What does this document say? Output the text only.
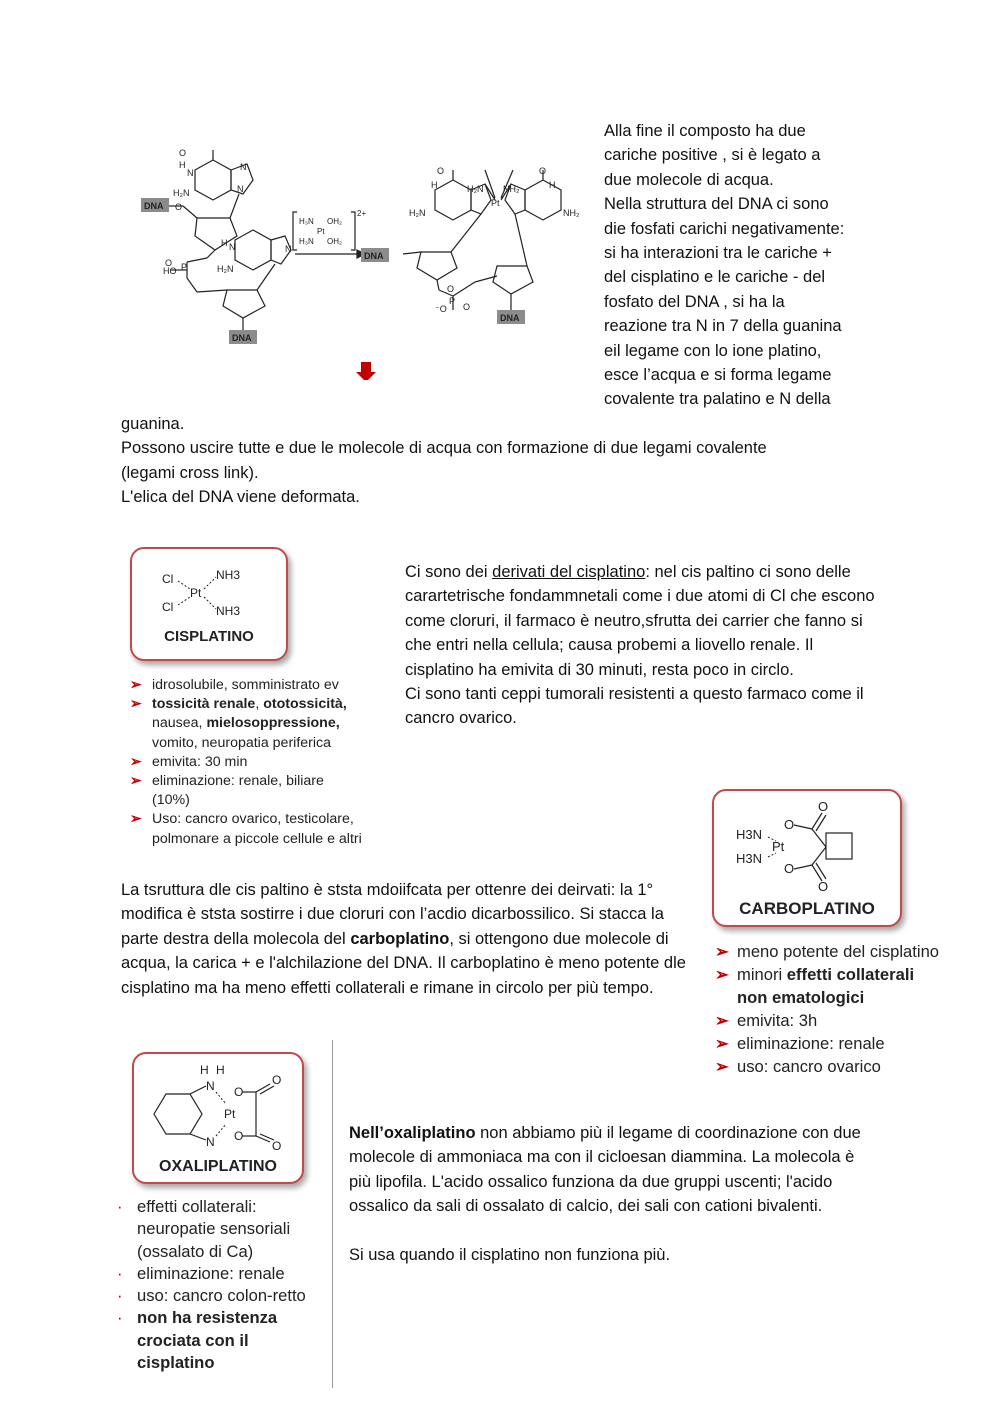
O
H
N
H₂N
N
N
O
O P
HO
H N
H₂N
N
H₃N OH₂
Pt
H₃N OH₂
2+
DNA
DNA
H₂N NH₂
Pt
H
O	O
H
H₂N	NH₂
O
P
⁻O O
DNA
DNA

Alla fine il composto ha due

cariche positive , si è legato a

due molecole di acqua.

Nella struttura del DNA ci sono

die fosfati carichi negativamente:

si ha interazioni tra le cariche +

del cisplatino e le cariche - del

fosfato del DNA , si ha la

reazione tra N in 7 della guanina

eil legame con lo ione platino,

esce l’acqua e si forma legame

covalente tra palatino e N della

guanina.

Possono uscire tutte e due le molecole di acqua con formazione di due legami covalente

(legami cross link).

L'elica del DNA viene deformata.

Cl
Cl
Pt
NH3
NH3
CISPLATINO
➢ idrosolubile, somministrato ev
➢ tossicità renale, ototossicità,
nausea, mielosoppressione,
vomito, neuropatia periferica
➢ emivita: 30 min
➢ eliminazione: renale, biliare
(10%)
➢ Uso: cancro ovarico, testicolare,
polmonare a piccole cellule e altri

Ci sono dei derivati del cisplatino: nel cis paltino ci sono delle carartetrische fondammnetali come i due atomi di Cl che escono come cloruri, il farmaco è neutro,sfrutta dei carrier che fanno si che entri nella cellula; causa probemi a liovello renale. Il cisplatino ha emivita di 30 minuti, resta poco in circlo.

Ci sono tanti ceppi tumorali resistenti a questo farmaco come il cancro ovarico.

H3N
H3N
Pt
O
O
O
O
CARBOPLATINO

La tsruttura dle cis paltino è ststa mdoiifcata per ottenre dei deirvati: la 1° modifica è ststa sostirre i due cloruri con l’acdio dicarbossilico. Si stacca la parte destra della molecola del carboplatino, si ottengono due molecole di acqua, la carica + e l'alchilazione del DNA. Il carboplatino è meno potente dle cisplatino ma ha meno effetti collaterali e rimane in circolo per più tempo.

➢ meno potente del cisplatino
➢ minori effetti collaterali
non ematologici
➢ emivita: 3h
➢ eliminazione: renale
➢ uso: cancro ovarico
H H
N
N
Pt
O
O
O
O
OXALIPLATINO
· effetti collaterali:
neuropatie sensoriali
(ossalato di Ca)
· eliminazione: renale
· uso: cancro colon-retto
· non ha resistenza
crociata con il
cisplatino

Nell’oxaliplatino non abbiamo più il legame di coordinazione con due molecole di ammoniaca ma con il cicloesan diammina. La molecola è più lipofila. L'acido ossalico funziona da due gruppi uscenti; l'acido ossalico da sali di ossalato di calcio, dei sali con cationi bivalenti.

Si usa quando il cisplatino non funziona più.
